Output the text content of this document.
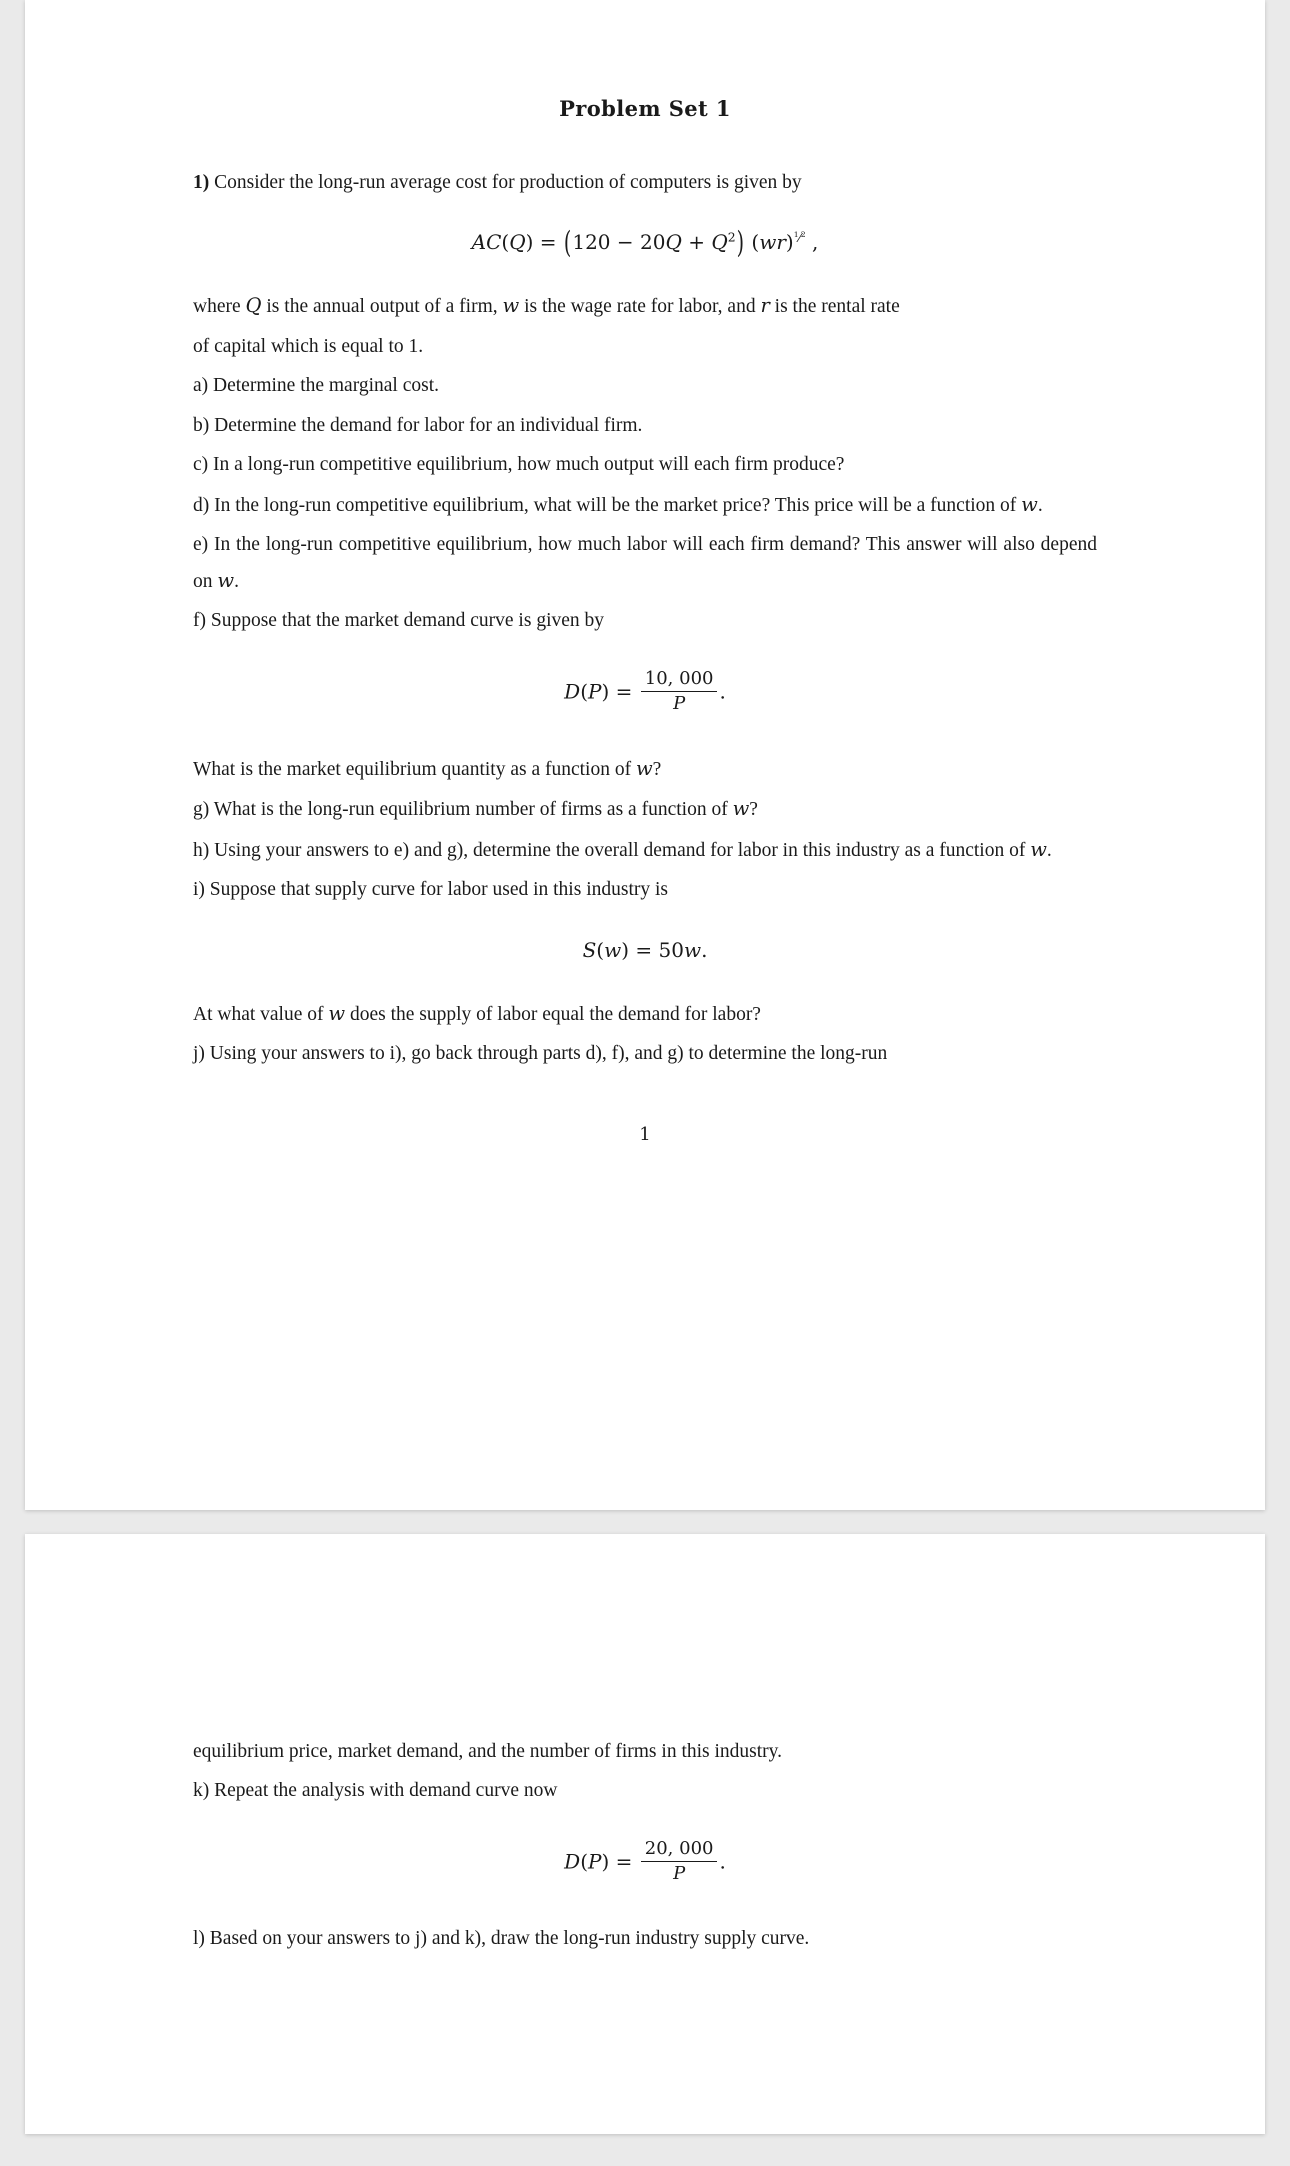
Problem Set 1

1) Consider the long-run average cost for production of computers is given by

$AC(Q) = (120 - 20Q + Q^2)$ (wr)$^{^1⁄^2}$ ,

where Q is the annual output of a firm, w is the wage rate for labor, and r is the rental rate

of capital which is equal to 1.

a) Determine the marginal cost.

b) Determine the demand for labor for an individual firm.

c) In a long-run competitive equilibrium, how much output will each firm produce?

d) In the long-run competitive equilibrium, what will be the market price? This price will be a function of w.

e) In the long-run competitive equilibrium, how much labor will each firm demand? This answer will also depend on w.

f) Suppose that the market demand curve is given by

$D(P) = \frac{10, 000}{P}$ .

What is the market equilibrium quantity as a function of w?

g) What is the long-run equilibrium number of firms as a function of w?

h) Using your answers to e) and g), determine the overall demand for labor in this industry as a function of w.

i) Suppose that supply curve for labor used in this industry is

S(w) = 50w.

At what value of w does the supply of labor equal the demand for labor?

j) Using your answers to i), go back through parts d), f), and g) to determine the long-run

1

equilibrium price, market demand, and the number of firms in this industry.

k) Repeat the analysis with demand curve now

$D(P) = \frac{20, 000}{P}$ .

l) Based on your answers to j) and k), draw the long-run industry supply curve.
